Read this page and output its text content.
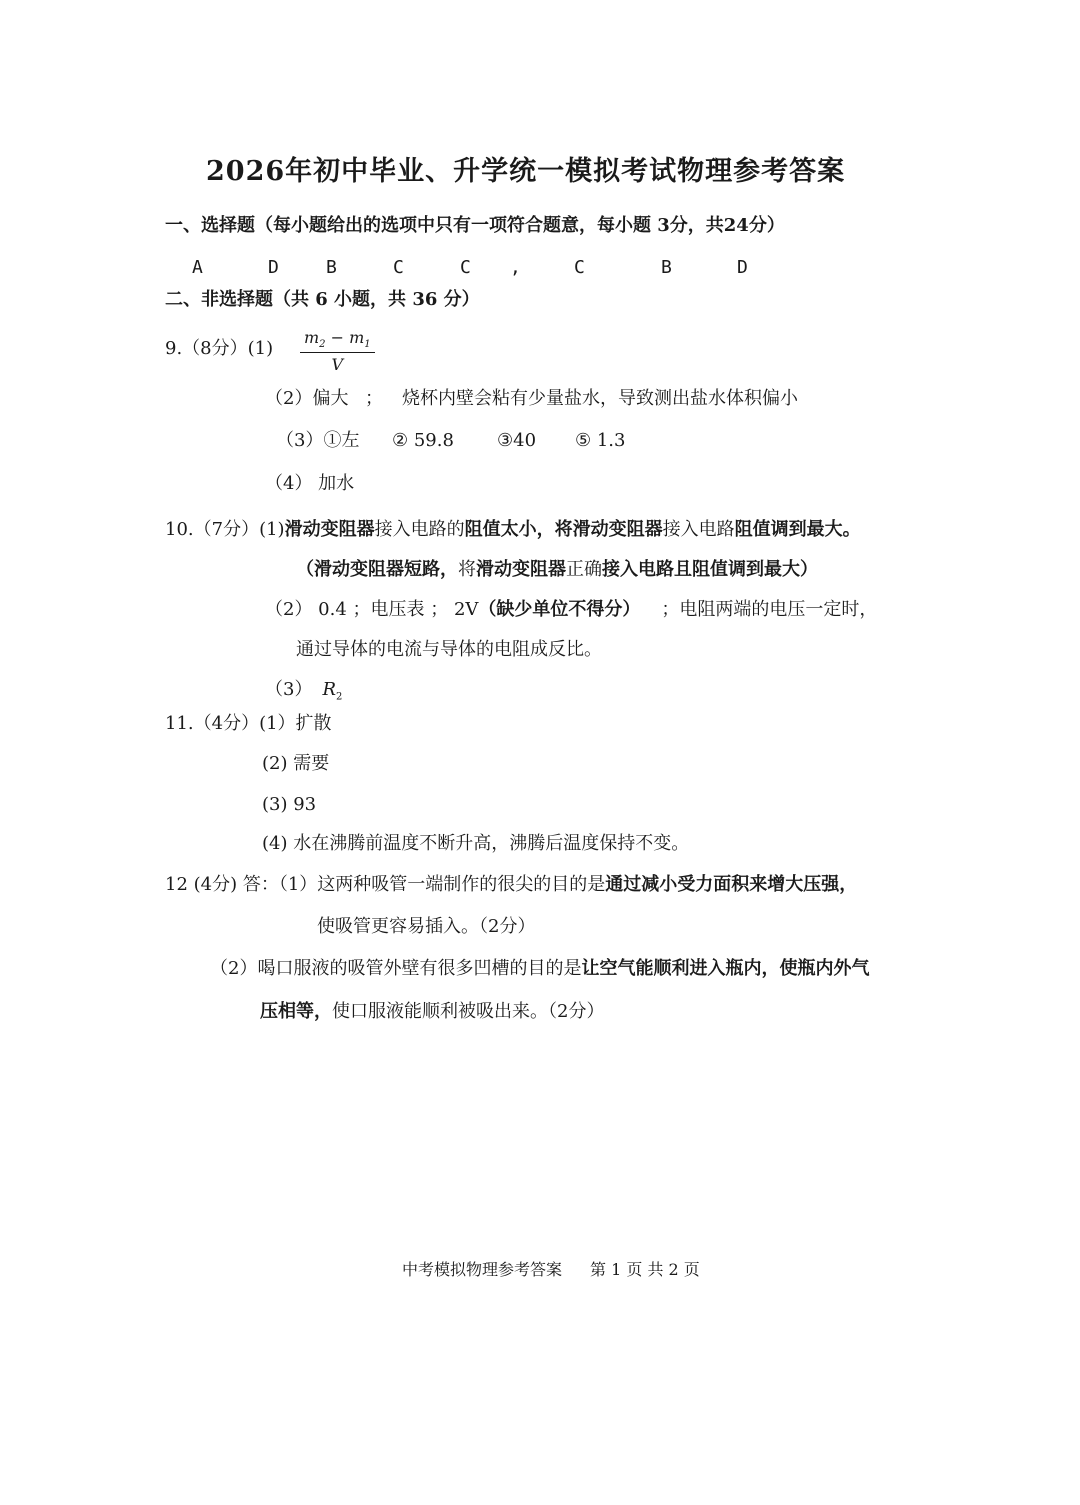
2026年初中毕业、升学统一模拟考试物理参考答案
一、选择题（每小题给出的选项中只有一项符合题意，每小题 3分，共24分）
A	D	B	C	C ,	C	B	D
二、非选择题（共 6 小题，共 36 分）
9.（8分）$(1) \frac{m_2 - m_1}{V}$
（2）偏大 ； 烧杯内壁会粘有少量盐水，导致测出盐水体积偏小
（3）①左 ② 59.8 ③40 ⑤ 1.3
（4） 加水
10.（7分）(1)滑动变阻器接入电路的阻值太小，将滑动变阻器接入电路阻值调到最大。
（滑动变阻器短路，将滑动变阻器正确接入电路且阻值调到最大）
（2） 0.4 ；电压表 ； 2V（缺少单位不得分） ；电阻两端的电压一定时，
通过导体的电流与导体的电阻成反比。
（3） $R_2$
11.（4分）(1）扩散
(2) 需要
(3) 93
(4) 水在沸腾前温度不断升高，沸腾后温度保持不变。
12 (4分) 答：（1）这两种吸管一端制作的很尖的目的是通过减小受力面积来增大压强，
使吸管更容易插入。（2分）
（2）喝口服液的吸管外壁有很多凹槽的目的是让空气能顺利进入瓶内，使瓶内外气
压相等，使口服液能顺利被吸出来。（2分）
中考模拟物理参考答案 第 1 页 共 2 页
